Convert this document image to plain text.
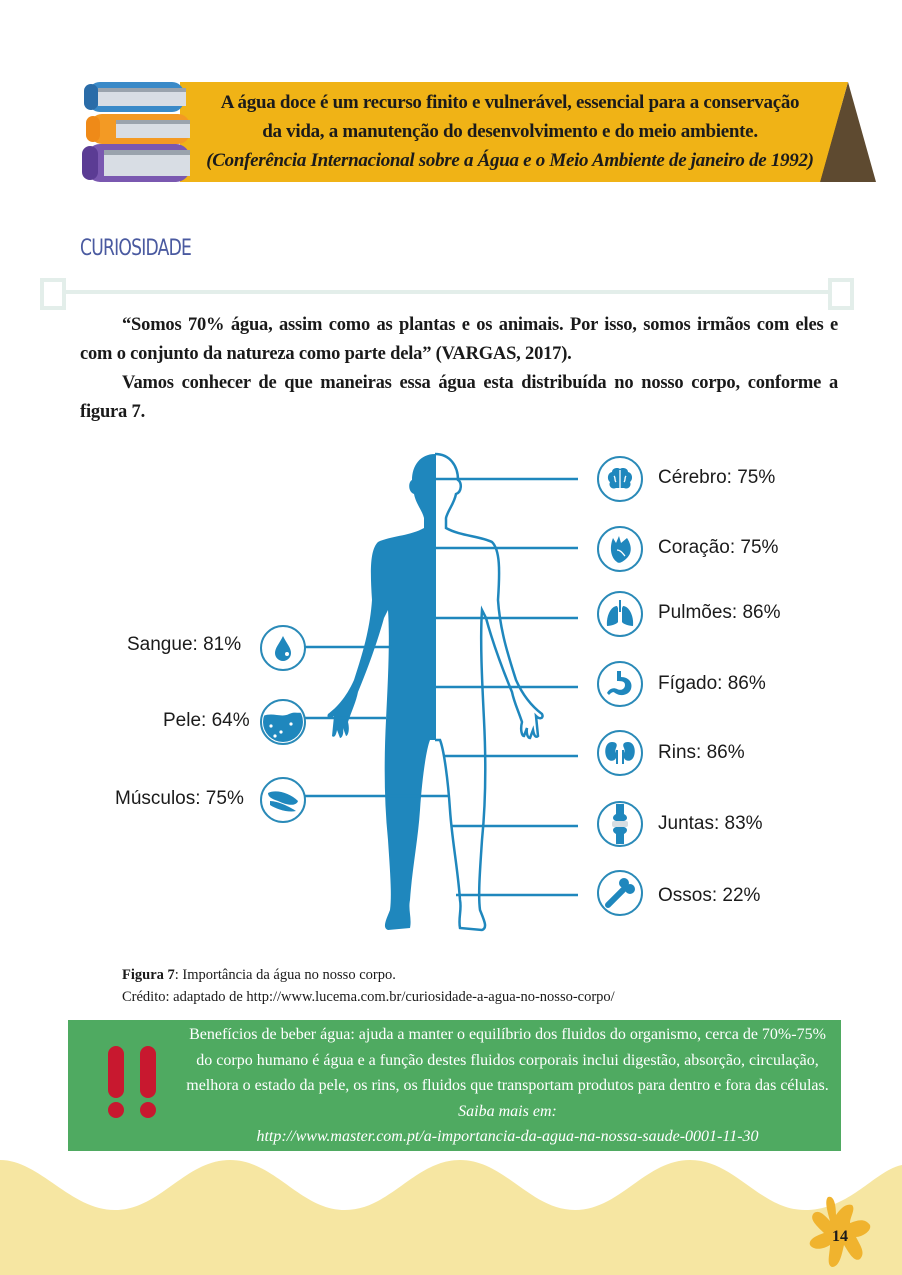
A água doce é um recurso finito e vulnerável, essencial para a conservação
da vida, a manutenção do desenvolvimento e do meio ambiente.
(Conferência Internacional sobre a Água e o Meio Ambiente de janeiro de 1992)
CURIOSIDADE
“Somos 70% água, assim como as plantas e os animais. Por isso, somos irmãos com eles e com o conjunto da natureza como parte dela” (VARGAS, 2017).
Vamos conhecer de que maneiras essa água esta distribuída no nosso corpo, conforme a figura 7.
Sangue: 81%
Pele: 64%
Músculos: 75%
Cérebro: 75%
Coração: 75%
Pulmões: 86%
Fígado: 86%
Rins: 86%
Juntas: 83%
Ossos: 22%
Figura 7: Importância da água no nosso corpo.
Crédito: adaptado de http://www.lucema.com.br/curiosidade-a-agua-no-nosso-corpo/
Benefícios de beber água: ajuda a manter o equilíbrio dos fluidos do organismo, cerca de 70%-75% do corpo humano é água e a função destes fluidos corporais inclui digestão, absorção, circulação, melhora o estado da pele, os rins, os fluidos que transportam produtos para dentro e fora das células. Saiba mais em:
http://www.master.com.pt/a-importancia-da-agua-na-nossa-saude-0001-11-30
14
